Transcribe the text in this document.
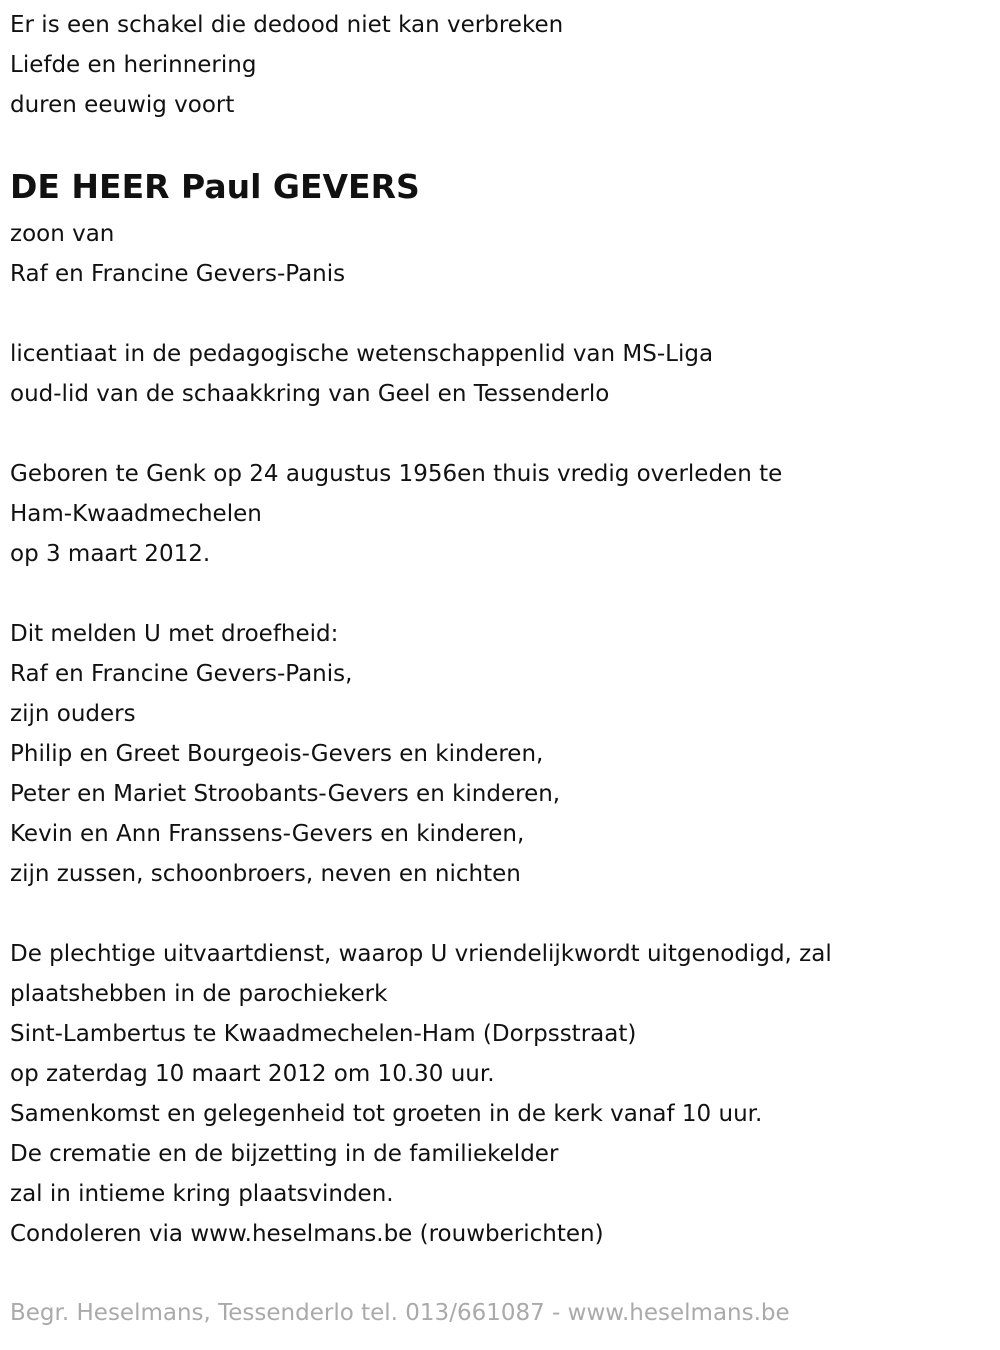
Er is een schakel die dedood niet kan verbreken
Liefde en herinnering
duren eeuwig voort
DE HEER Paul GEVERS
zoon van
Raf en Francine Gevers-Panis
licentiaat in de pedagogische wetenschappenlid van MS-Liga
oud-lid van de schaakkring van Geel en Tessenderlo
Geboren te Genk op 24 augustus 1956en thuis vredig overleden te
Ham-Kwaadmechelen
op 3 maart 2012.
Dit melden U met droefheid:
Raf en Francine Gevers-Panis,
zijn ouders
Philip en Greet Bourgeois-Gevers en kinderen,
Peter en Mariet Stroobants-Gevers en kinderen,
Kevin en Ann Franssens-Gevers en kinderen,
zijn zussen, schoonbroers, neven en nichten
De plechtige uitvaartdienst, waarop U vriendelijkwordt uitgenodigd, zal
plaatshebben in de parochiekerk
Sint-Lambertus te Kwaadmechelen-Ham (Dorpsstraat)
op zaterdag 10 maart 2012 om 10.30 uur.
Samenkomst en gelegenheid tot groeten in de kerk vanaf 10 uur.
De crematie en de bijzetting in de familiekelder
zal in intieme kring plaatsvinden.
Condoleren via www.heselmans.be (rouwberichten)
Begr. Heselmans, Tessenderlo tel. 013/661087 - www.heselmans.be
